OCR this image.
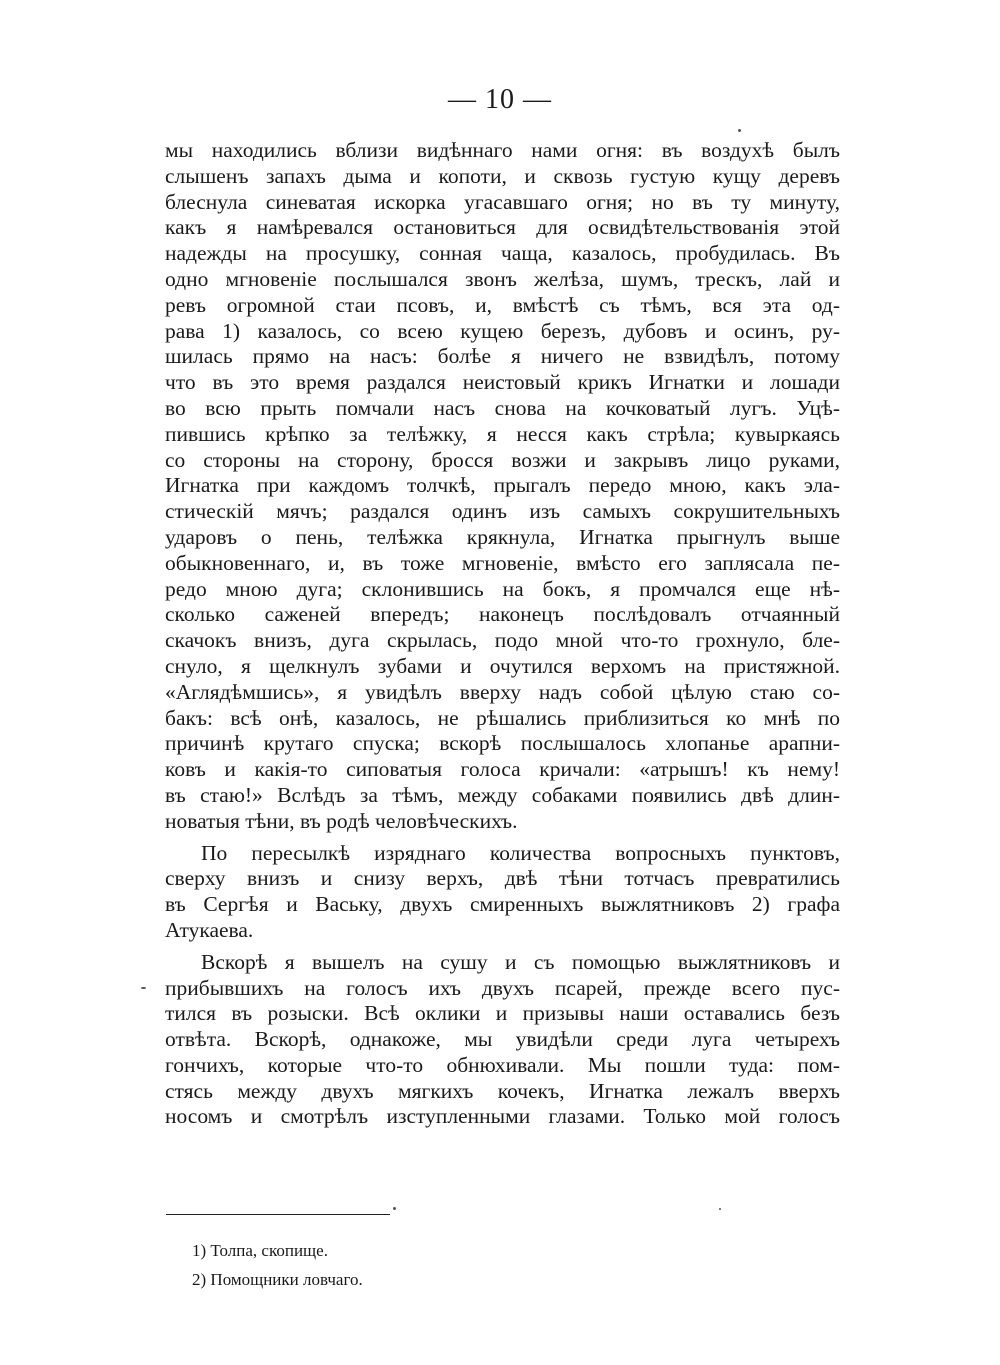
— 10 —
мы находились вблизи видѣннаго нами огня: въ воздухѣ былъ
слышенъ запахъ дыма и копоти, и сквозь густую кущу деревъ
блеснула синеватая искорка угасавшаго огня; но въ ту минуту,
какъ я намѣревался остановиться для освидѣтельствованія этой
надежды на просушку, сонная чаща, казалось, пробудилась. Въ
одно мгновеніе послышался звонъ желѣза, шумъ, трескъ, лай и
ревъ огромной стаи псовъ, и, вмѣстѣ съ тѣмъ, вся эта од-
рава 1) казалось, со всею кущею березъ, дубовъ и осинъ, ру-
шилась прямо на насъ: болѣе я ничего не взвидѣлъ, потому
что въ это время раздался неистовый крикъ Игнатки и лошади
во всю прыть помчали насъ снова на кочковатый лугъ. Уцѣ-
пившись крѣпко за телѣжку, я несся какъ стрѣла; кувыркаясь
со стороны на сторону, бросся возжи и закрывъ лицо руками,
Игнатка при каждомъ толчкѣ, прыгалъ передо мною, какъ эла-
стическій мячъ; раздался одинъ изъ самыхъ сокрушительныхъ
ударовъ о пень, телѣжка крякнула, Игнатка прыгнулъ выше
обыкновеннаго, и, въ тоже мгновеніе, вмѣсто его заплясала пе-
редо мною дуга; склонившись на бокъ, я промчался еще нѣ-
сколько саженей впередъ; наконецъ послѣдовалъ отчаянный
скачокъ внизъ, дуга скрылась, подо мной что-то грохнуло, бле-
снуло, я щелкнулъ зубами и очутился верхомъ на пристяжной.
«Аглядѣмшись», я увидѣлъ вверху надъ собой цѣлую стаю со-
бакъ: всѣ онѣ, казалось, не рѣшались приблизиться ко мнѣ по
причинѣ крутаго спуска; вскорѣ послышалось хлопанье арапни-
ковъ и какія-то сиповатыя голоса кричали: «атрышъ! къ нему!
въ стаю!» Вслѣдъ за тѣмъ, между собаками появились двѣ длин-
новатыя тѣни, въ родѣ человѣческихъ.
По пересылкѣ изряднаго количества вопросныхъ пунктовъ,
сверху внизъ и снизу верхъ, двѣ тѣни тотчасъ превратились
въ Сергѣя и Ваську, двухъ смиренныхъ выжлятниковъ 2) графа
Атукаева.
Вскорѣ я вышелъ на сушу и съ помощью выжлятниковъ и
прибывшихъ на голосъ ихъ двухъ псарей, прежде всего пус-
тился въ розыски. Всѣ оклики и призывы наши оставались безъ
отвѣта. Вскорѣ, однакоже, мы увидѣли среди луга четырехъ
гончихъ, которые что-то обнюхивали. Мы пошли туда: пом-
стясь между двухъ мягкихъ кочекъ, Игнатка лежалъ вверхъ
носомъ и смотрѣлъ изступленными глазами. Только мой голосъ
1) Толпа, скопище.
2) Помощники ловчаго.
